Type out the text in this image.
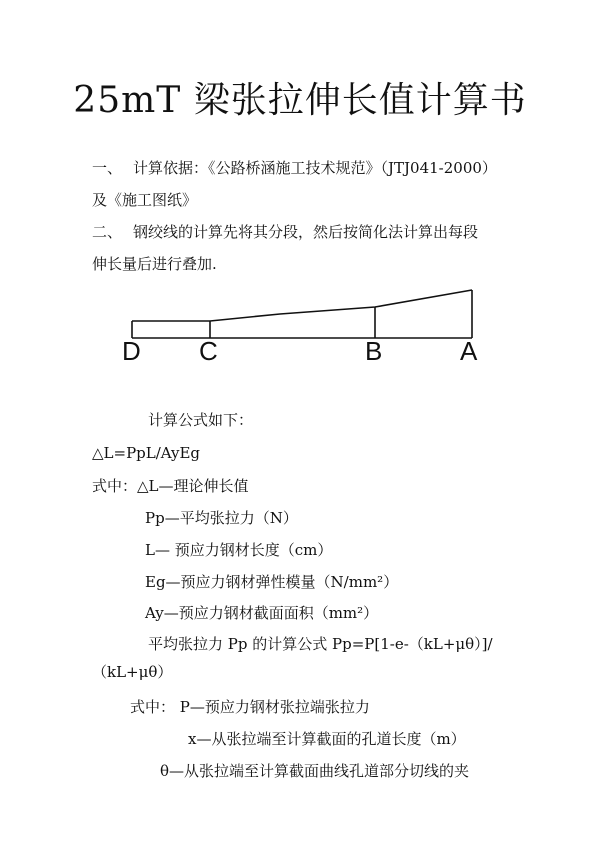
25mT 梁张拉伸长值计算书
一、 计算依据：《公路桥涵施工技术规范》（JTJ041-2000）
及《施工图纸》
二、 钢绞线的计算先将其分段，然后按简化法计算出每段
伸长量后进行叠加.
D C	B	A
计算公式如下：
△L=PpL/AyEg
式中：△L—理论伸长值
Pp—平均张拉力（N）
L— 预应力钢材长度（cm）
Eg—预应力钢材弹性模量（N/mm²）
Ay—预应力钢材截面面积（mm²）
平均张拉力 Pp 的计算公式 Pp=P[1-e-（kL+μθ）]/
（kL+μθ）
式中： P—预应力钢材张拉端张拉力
x—从张拉端至计算截面的孔道长度（m）
θ—从张拉端至计算截面曲线孔道部分切线的夹
